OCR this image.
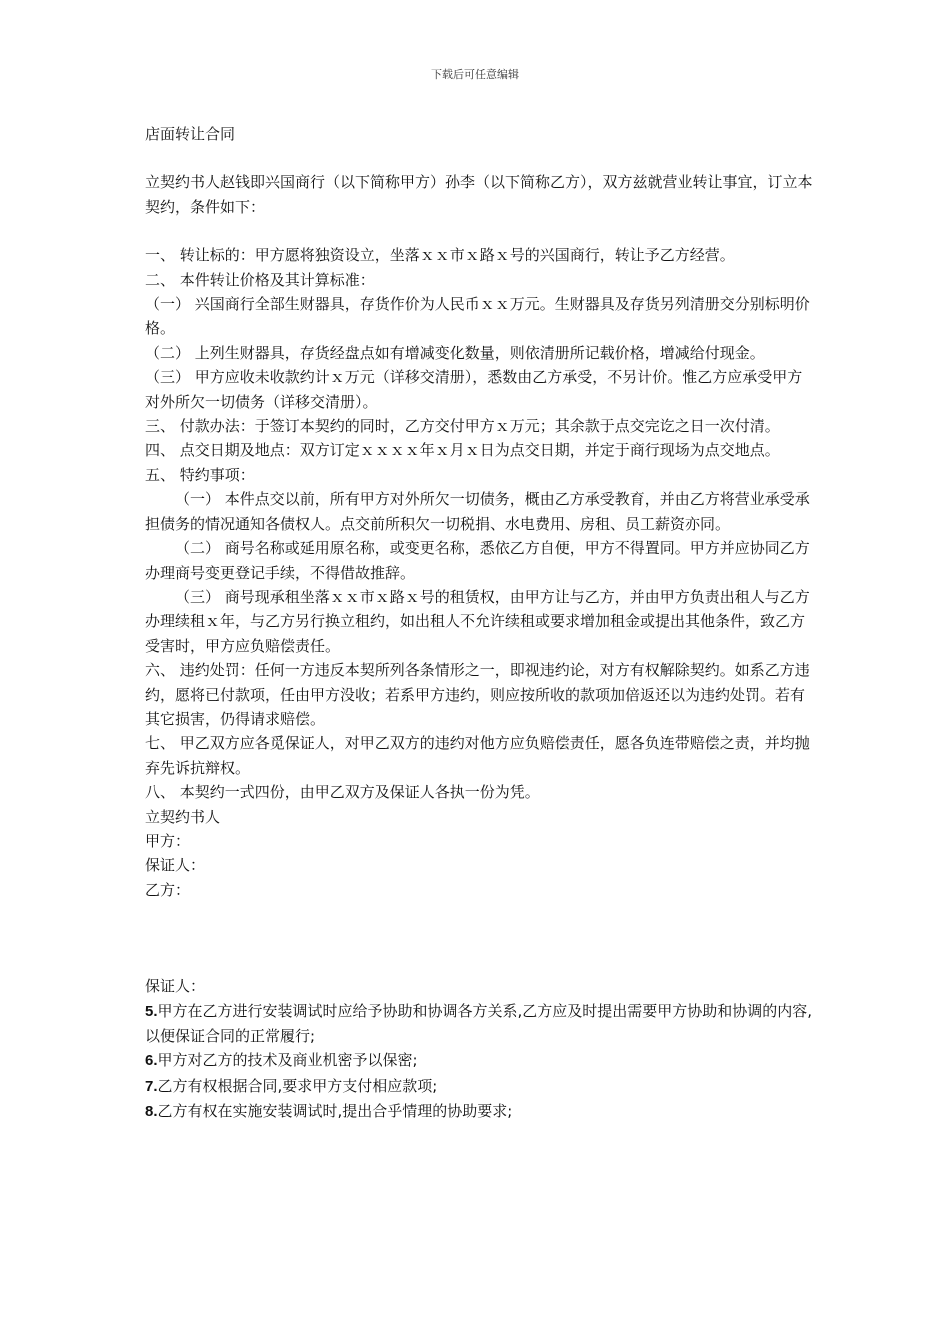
下载后可任意编辑

店面转让合同

立契约书人赵钱即兴国商行（以下简称甲方）孙李（以下简称乙方），双方兹就营业转让事宜，订立本契约，条件如下：

一、 转让标的：甲方愿将独资设立，坐落ｘｘ市ｘ路ｘ号的兴国商行，转让予乙方经营。

二、 本件转让价格及其计算标准：

（一） 兴国商行全部生财器具，存货作价为人民币ｘｘ万元。生财器具及存货另列清册交分别标明价格。

（二） 上列生财器具，存货经盘点如有增减变化数量，则依清册所记载价格，增减给付现金。

（三） 甲方应收未收款约计ｘ万元（详移交清册），悉数由乙方承受，不另计价。惟乙方应承受甲方对外所欠一切债务（详移交清册）。

三、 付款办法：于签订本契约的同时，乙方交付甲方ｘ万元；其余款于点交完讫之日一次付清。

四、 点交日期及地点：双方订定ｘｘｘｘ年ｘ月ｘ日为点交日期，并定于商行现场为点交地点。

五、 特约事项：

（一） 本件点交以前，所有甲方对外所欠一切债务，概由乙方承受教育，并由乙方将营业承受承担债务的情况通知各债权人。点交前所积欠一切税捐、水电费用、房租、员工薪资亦同。

（二） 商号名称或延用原名称，或变更名称，悉依乙方自便，甲方不得置同。甲方并应协同乙方办理商号变更登记手续，不得借故推辞。

（三） 商号现承租坐落ｘｘ市ｘ路ｘ号的租赁权，由甲方让与乙方，并由甲方负责出租人与乙方办理续租ｘ年，与乙方另行换立租约，如出租人不允许续租或要求增加租金或提出其他条件，致乙方受害时，甲方应负赔偿责任。

六、 违约处罚：任何一方违反本契所列各条情形之一，即视违约论，对方有权解除契约。如系乙方违约，愿将已付款项，任由甲方没收；若系甲方违约，则应按所收的款项加倍返还以为违约处罚。若有其它损害，仍得请求赔偿。

七、 甲乙双方应各觅保证人，对甲乙双方的违约对他方应负赔偿责任，愿各负连带赔偿之责，并均抛弃先诉抗辩权。

八、 本契约一式四份，由甲乙双方及保证人各执一份为凭。

立契约书人

甲方：

保证人：

乙方：

保证人：

5.甲方在乙方进行安装调试时应给予协助和协调各方关系,乙方应及时提出需要甲方协助和协调的内容,以便保证合同的正常履行;

6.甲方对乙方的技术及商业机密予以保密;

7.乙方有权根据合同,要求甲方支付相应款项;

8.乙方有权在实施安装调试时,提出合乎情理的协助要求;
